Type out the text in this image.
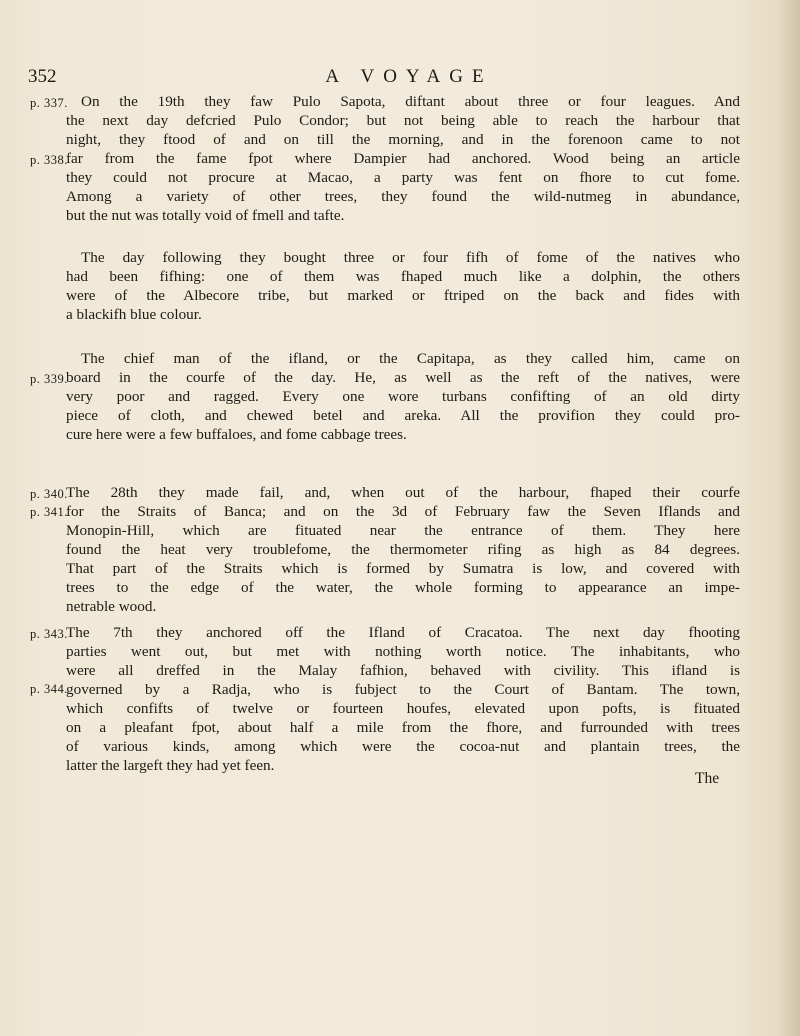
352	A VOYAGE
p. 337.
p. 338.
p. 339.
p. 340.
p. 341.
p. 343.
p. 344.
On the 19th they faw Pulo Sapota, diftant about three or four leagues. And
the next day defcried Pulo Condor; but not being able to reach the harbour that
night, they ftood of and on till the morning, and in the forenoon came to not
far from the fame fpot where Dampier had anchored. Wood being an article
they could not procure at Macao, a party was fent on fhore to cut fome.
Among a variety of other trees, they found the wild-nutmeg in abundance,
but the nut was totally void of fmell and tafte.
The day following they bought three or four fifh of fome of the natives who
had been fifhing: one of them was fhaped much like a dolphin, the others
were of the Albecore tribe, but marked or ftriped on the back and fides with
a blackifh blue colour.
The chief man of the ifland, or the Capitapa, as they called him, came on
board in the courfe of the day. He, as well as the reft of the natives, were
very poor and ragged. Every one wore turbans confifting of an old dirty
piece of cloth, and chewed betel and areka. All the provifion they could pro-
cure here were a few buffaloes, and fome cabbage trees.
The 28th they made fail, and, when out of the harbour, fhaped their courfe
for the Straits of Banca; and on the 3d of February faw the Seven Iflands and
Monopin-Hill, which are fituated near the entrance of them. They here
found the heat very troublefome, the thermometer rifing as high as 84 degrees.
That part of the Straits which is formed by Sumatra is low, and covered with
trees to the edge of the water, the whole forming to appearance an impe-
netrable wood.
The 7th they anchored off the Ifland of Cracatoa. The next day fhooting
parties went out, but met with nothing worth notice. The inhabitants, who
were all dreffed in the Malay fafhion, behaved with civility. This ifland is
governed by a Radja, who is fubject to the Court of Bantam. The town,
which confifts of twelve or fourteen houfes, elevated upon pofts, is fituated
on a pleafant fpot, about half a mile from the fhore, and furrounded with trees
of various kinds, among which were the cocoa-nut and plantain trees, the
latter the largeft they had yet feen.
The
